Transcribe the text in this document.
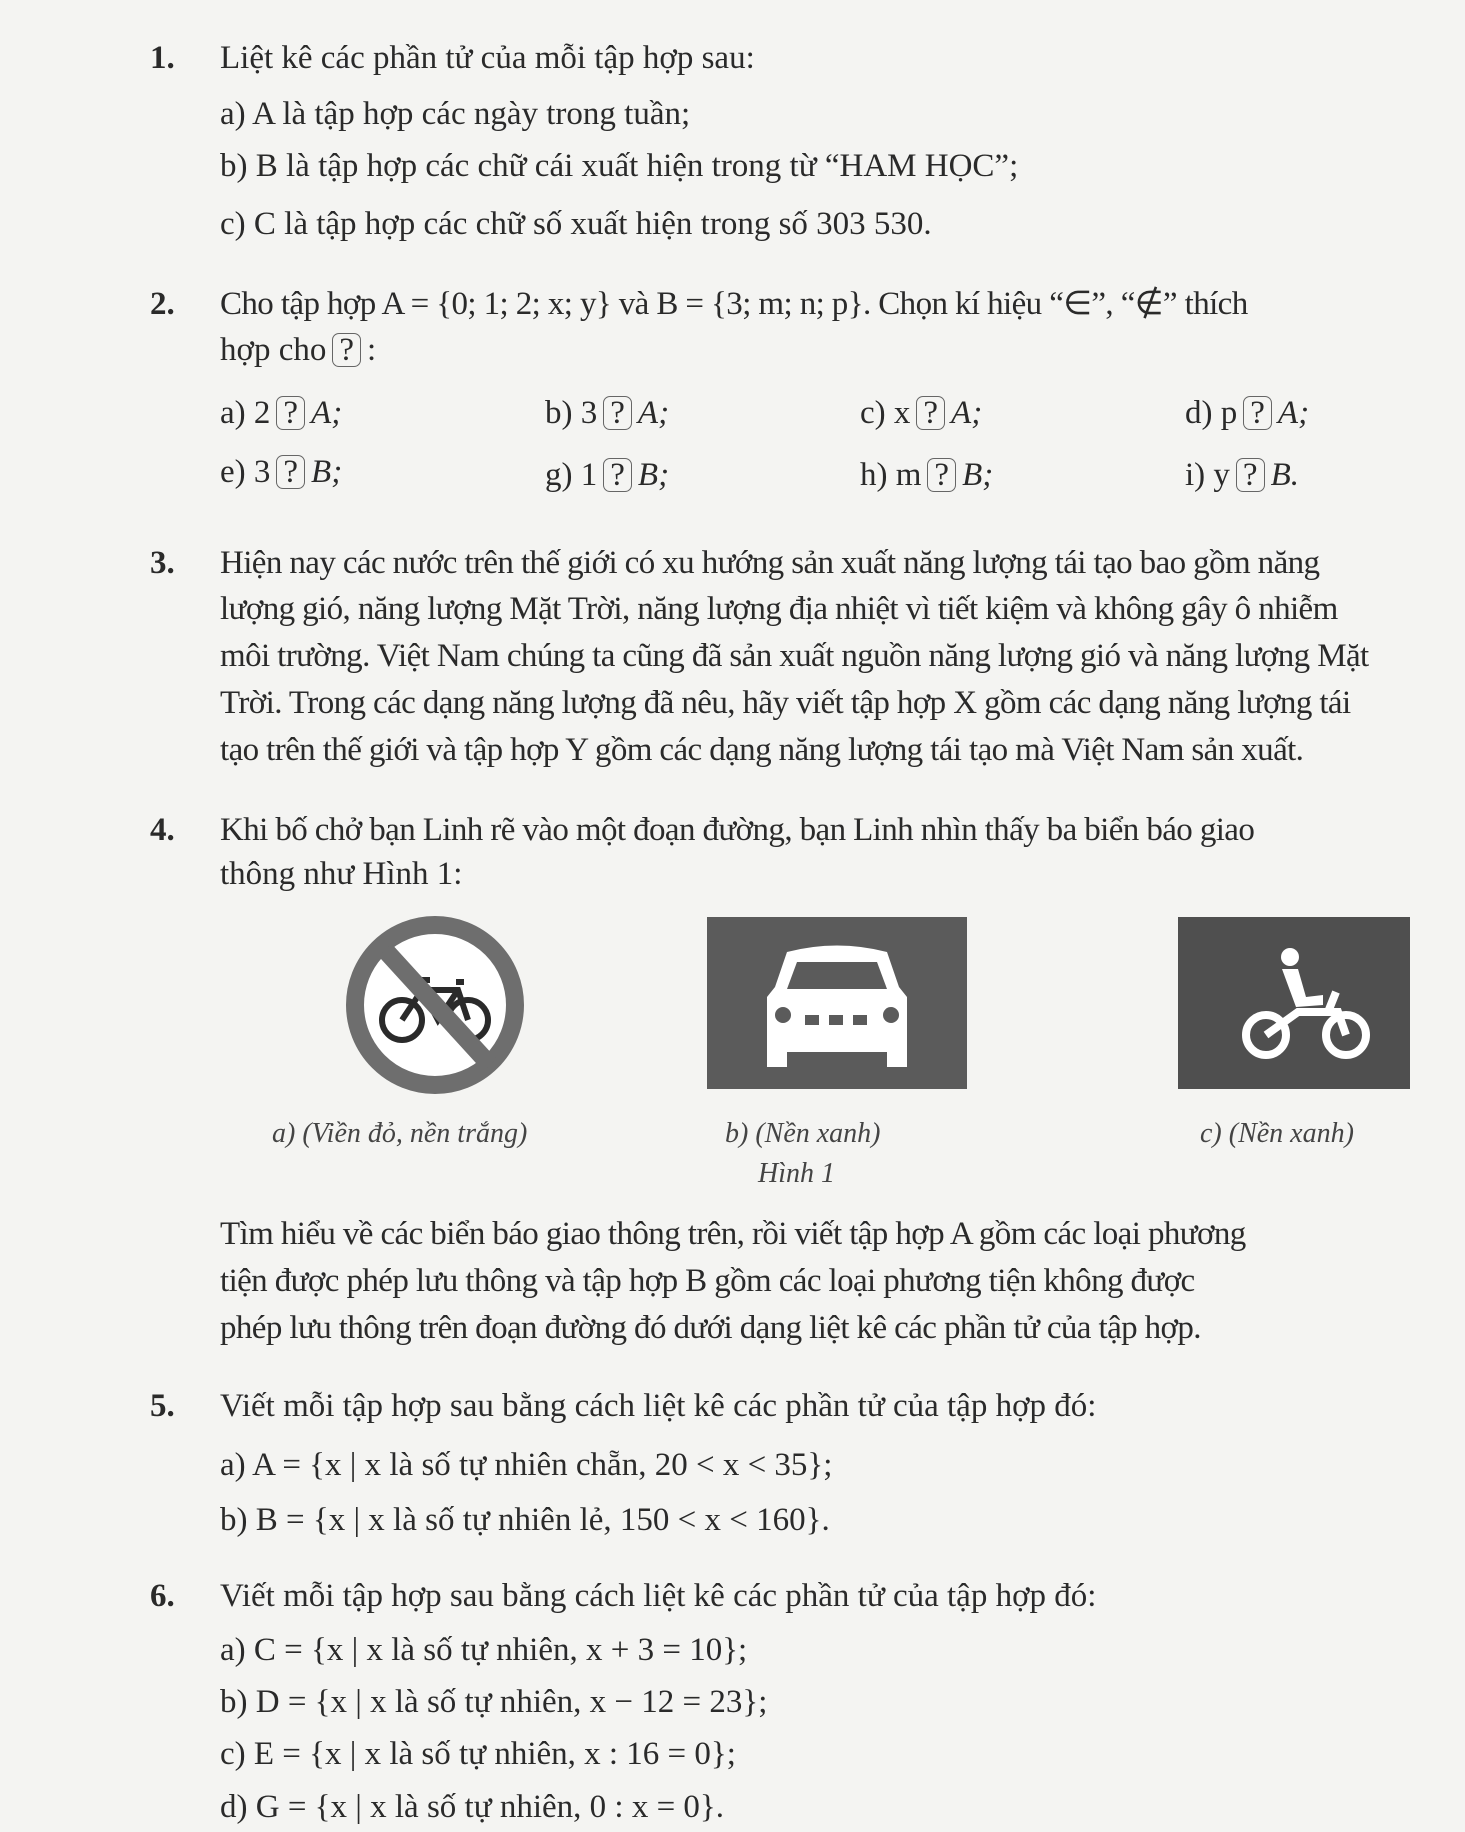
1. Liệt kê các phần tử của mỗi tập hợp sau:
a) A là tập hợp các ngày trong tuần;
b) B là tập hợp các chữ cái xuất hiện trong từ “HAM HỌC”;
c) C là tập hợp các chữ số xuất hiện trong số 303 530.
2. Cho tập hợp A = {0; 1; 2; x; y} và B = {3; m; n; p}. Chọn kí hiệu “∈”, “∉” thích
hợp cho ? :
a) 2 ? A;	b) 3 ? A;	c) x ? A;	d) p ? A;
e) 3 ? B;	g) 1 ? B;	h) m ? B;	i) y ? B.
3. Hiện nay các nước trên thế giới có xu hướng sản xuất năng lượng tái tạo bao gồm năng
lượng gió, năng lượng Mặt Trời, năng lượng địa nhiệt vì tiết kiệm và không gây ô nhiễm
môi trường. Việt Nam chúng ta cũng đã sản xuất nguồn năng lượng gió và năng lượng Mặt
Trời. Trong các dạng năng lượng đã nêu, hãy viết tập hợp X gồm các dạng năng lượng tái
tạo trên thế giới và tập hợp Y gồm các dạng năng lượng tái tạo mà Việt Nam sản xuất.
4. Khi bố chở bạn Linh rẽ vào một đoạn đường, bạn Linh nhìn thấy ba biển báo giao
thông như Hình 1:
a) (Viền đỏ, nền trắng)	b) (Nền xanh)	c) (Nền xanh)
Hình 1
Tìm hiểu về các biển báo giao thông trên, rồi viết tập hợp A gồm các loại phương
tiện được phép lưu thông và tập hợp B gồm các loại phương tiện không được
phép lưu thông trên đoạn đường đó dưới dạng liệt kê các phần tử của tập hợp.
5. Viết mỗi tập hợp sau bằng cách liệt kê các phần tử của tập hợp đó:
a) A = {x | x là số tự nhiên chẵn, 20 < x < 35};
b) B = {x | x là số tự nhiên lẻ, 150 < x < 160}.
6. Viết mỗi tập hợp sau bằng cách liệt kê các phần tử của tập hợp đó:
a) C = {x | x là số tự nhiên, x + 3 = 10};
b) D = {x | x là số tự nhiên, x − 12 = 23};
c) E = {x | x là số tự nhiên, x : 16 = 0};
d) G = {x | x là số tự nhiên, 0 : x = 0}.
